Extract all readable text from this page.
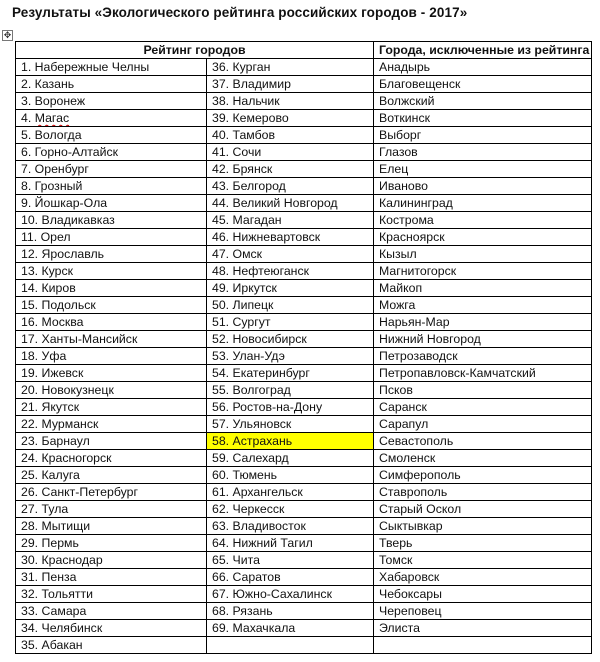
Результаты «Экологического рейтинга российских городов - 2017»
✥
Рейтинг городов		Города, исключенные из рейтинга
1. Набережные Челны	36. Курган	Анадырь
2. Казань	37. Владимир	Благовещенск
3. Воронеж	38. Нальчик	Волжский
4. Магас	39. Кемерово	Воткинск
5. Вологда	40. Тамбов	Выборг
6. Горно-Алтайск	41. Сочи	Глазов
7. Оренбург	42. Брянск	Елец
8. Грозный	43. Белгород	Иваново
9. Йошкар-Ола	44. Великий Новгород	Калининград
10. Владикавказ	45. Магадан	Кострома
11. Орел	46. Нижневартовск	Красноярск
12. Ярославль	47. Омск	Кызыл
13. Курск	48. Нефтеюганск	Магнитогорск
14. Киров	49. Иркутск	Майкоп
15. Подольск	50. Липецк	Можга
16. Москва	51. Сургут	Нарьян-Мар
17. Ханты-Мансийск	52. Новосибирск	Нижний Новгород
18. Уфа	53. Улан-Удэ	Петрозаводск
19. Ижевск	54. Екатеринбург	Петропавловск-Камчатский
20. Новокузнецк	55. Волгоград	Псков
21. Якутск	56. Ростов-на-Дону	Саранск
22. Мурманск	57. Ульяновск	Сарапул
23. Барнаул	58. Астрахань	Севастополь
24. Красногорск	59. Салехард	Смоленск
25. Калуга	60. Тюмень	Симферополь
26. Санкт-Петербург	61. Архангельск	Ставрополь
27. Тула	62. Черкесск	Старый Оскол
28. Мытищи	63. Владивосток	Сыктывкар
29. Пермь	64. Нижний Тагил	Тверь
30. Краснодар	65. Чита	Томск
31. Пенза	66. Саратов	Хабаровск
32. Тольятти	67. Южно-Сахалинск	Чебоксары
33. Самара	68. Рязань	Череповец
34. Челябинск	69. Махачкала	Элиста
35. Абакан		
